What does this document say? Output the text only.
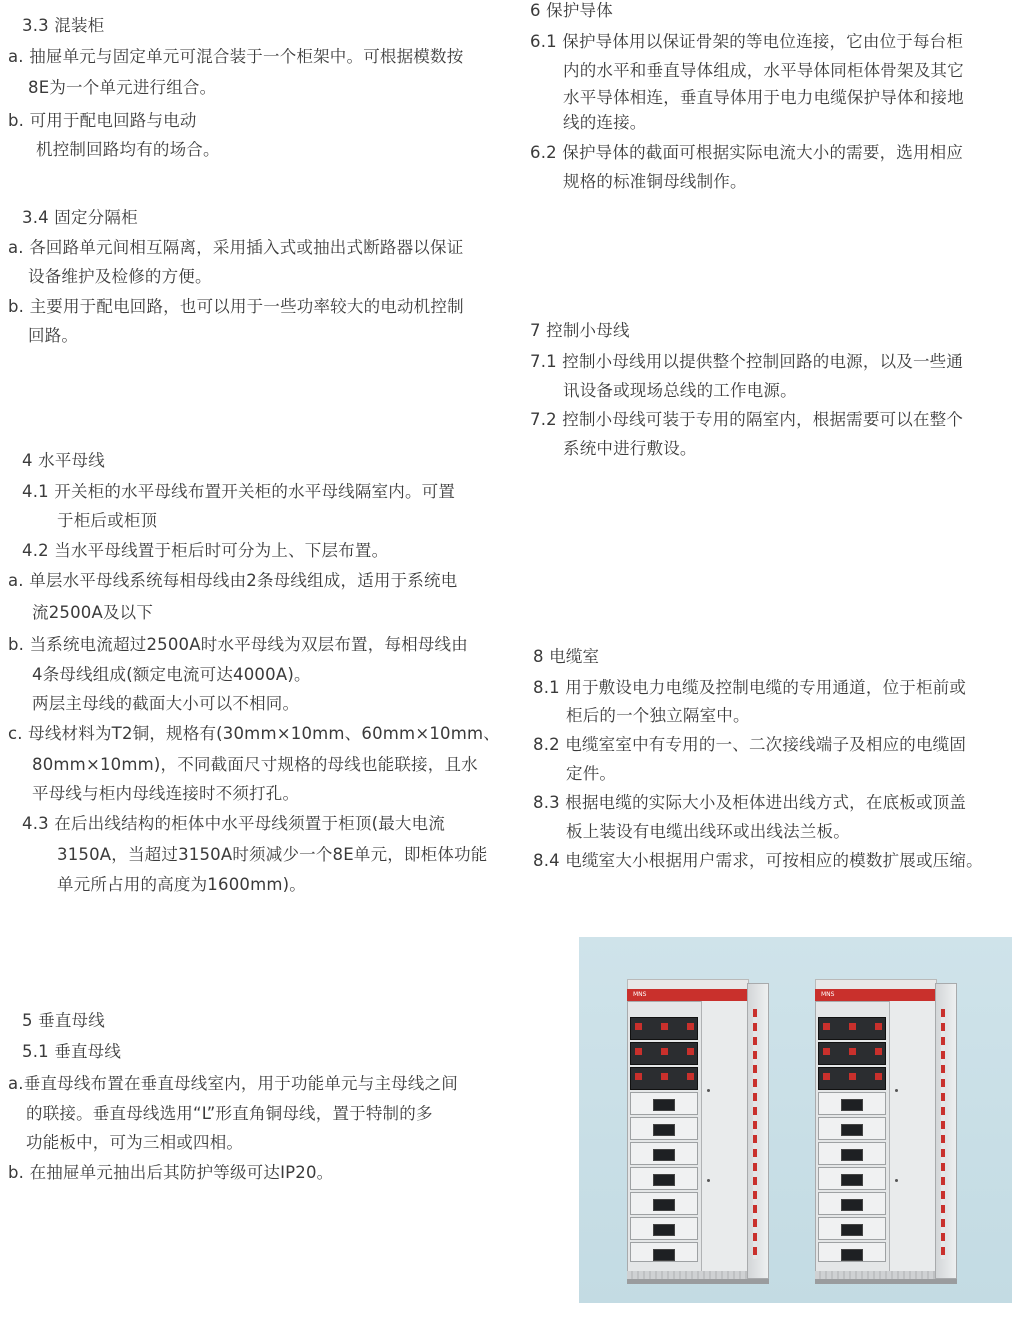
3.3 混装柜
a. 抽屉单元与固定单元可混合装于一个柜架中。可根据模数按
8E为一个单元进行组合。
b. 可用于配电回路与电动
机控制回路均有的场合。
3.4 固定分隔柜
a. 各回路单元间相互隔离，采用插入式或抽出式断路器以保证
设备维护及检修的方便。
b. 主要用于配电回路，也可以用于一些功率较大的电动机控制
回路。
4 水平母线
4.1 开关柜的水平母线布置开关柜的水平母线隔室内。可置
于柜后或柜顶
4.2 当水平母线置于柜后时可分为上、下层布置。
a. 单层水平母线系统每相母线由2条母线组成，适用于系统电
流2500A及以下
b. 当系统电流超过2500A时水平母线为双层布置，每相母线由
4条母线组成(额定电流可达4000A)。
两层主母线的截面大小可以不相同。
c. 母线材料为T2铜，规格有(30mm×10mm、60mm×10mm、
80mm×10mm)，不同截面尺寸规格的母线也能联接，且水
平母线与柜内母线连接时不须打孔。
4.3 在后出线结构的柜体中水平母线须置于柜顶(最大电流
3150A，当超过3150A时须减少一个8E单元，即柜体功能
单元所占用的高度为1600mm)。
5 垂直母线
5.1 垂直母线
a.垂直母线布置在垂直母线室内，用于功能单元与主母线之间
的联接。垂直母线选用“L”形直角铜母线，置于特制的多
功能板中，可为三相或四相。
b. 在抽屉单元抽出后其防护等级可达IP20。
6 保护导体
6.1 保护导体用以保证骨架的等电位连接，它由位于每台柜
内的水平和垂直导体组成，水平导体同柜体骨架及其它
水平导体相连，垂直导体用于电力电缆保护导体和接地
线的连接。
6.2 保护导体的截面可根据实际电流大小的需要，选用相应
规格的标准铜母线制作。
7 控制小母线
7.1 控制小母线用以提供整个控制回路的电源，以及一些通
讯设备或现场总线的工作电源。
7.2 控制小母线可装于专用的隔室内，根据需要可以在整个
系统中进行敷设。
8 电缆室
8.1 用于敷设电力电缆及控制电缆的专用通道，位于柜前或
柜后的一个独立隔室中。
8.2 电缆室室中有专用的一、二次接线端子及相应的电缆固
定件。
8.3 根据电缆的实际大小及柜体进出线方式，在底板或顶盖
板上装设有电缆出线环或出线法兰板。
8.4 电缆室大小根据用户需求，可按相应的模数扩展或压缩。
MNS	MNS
